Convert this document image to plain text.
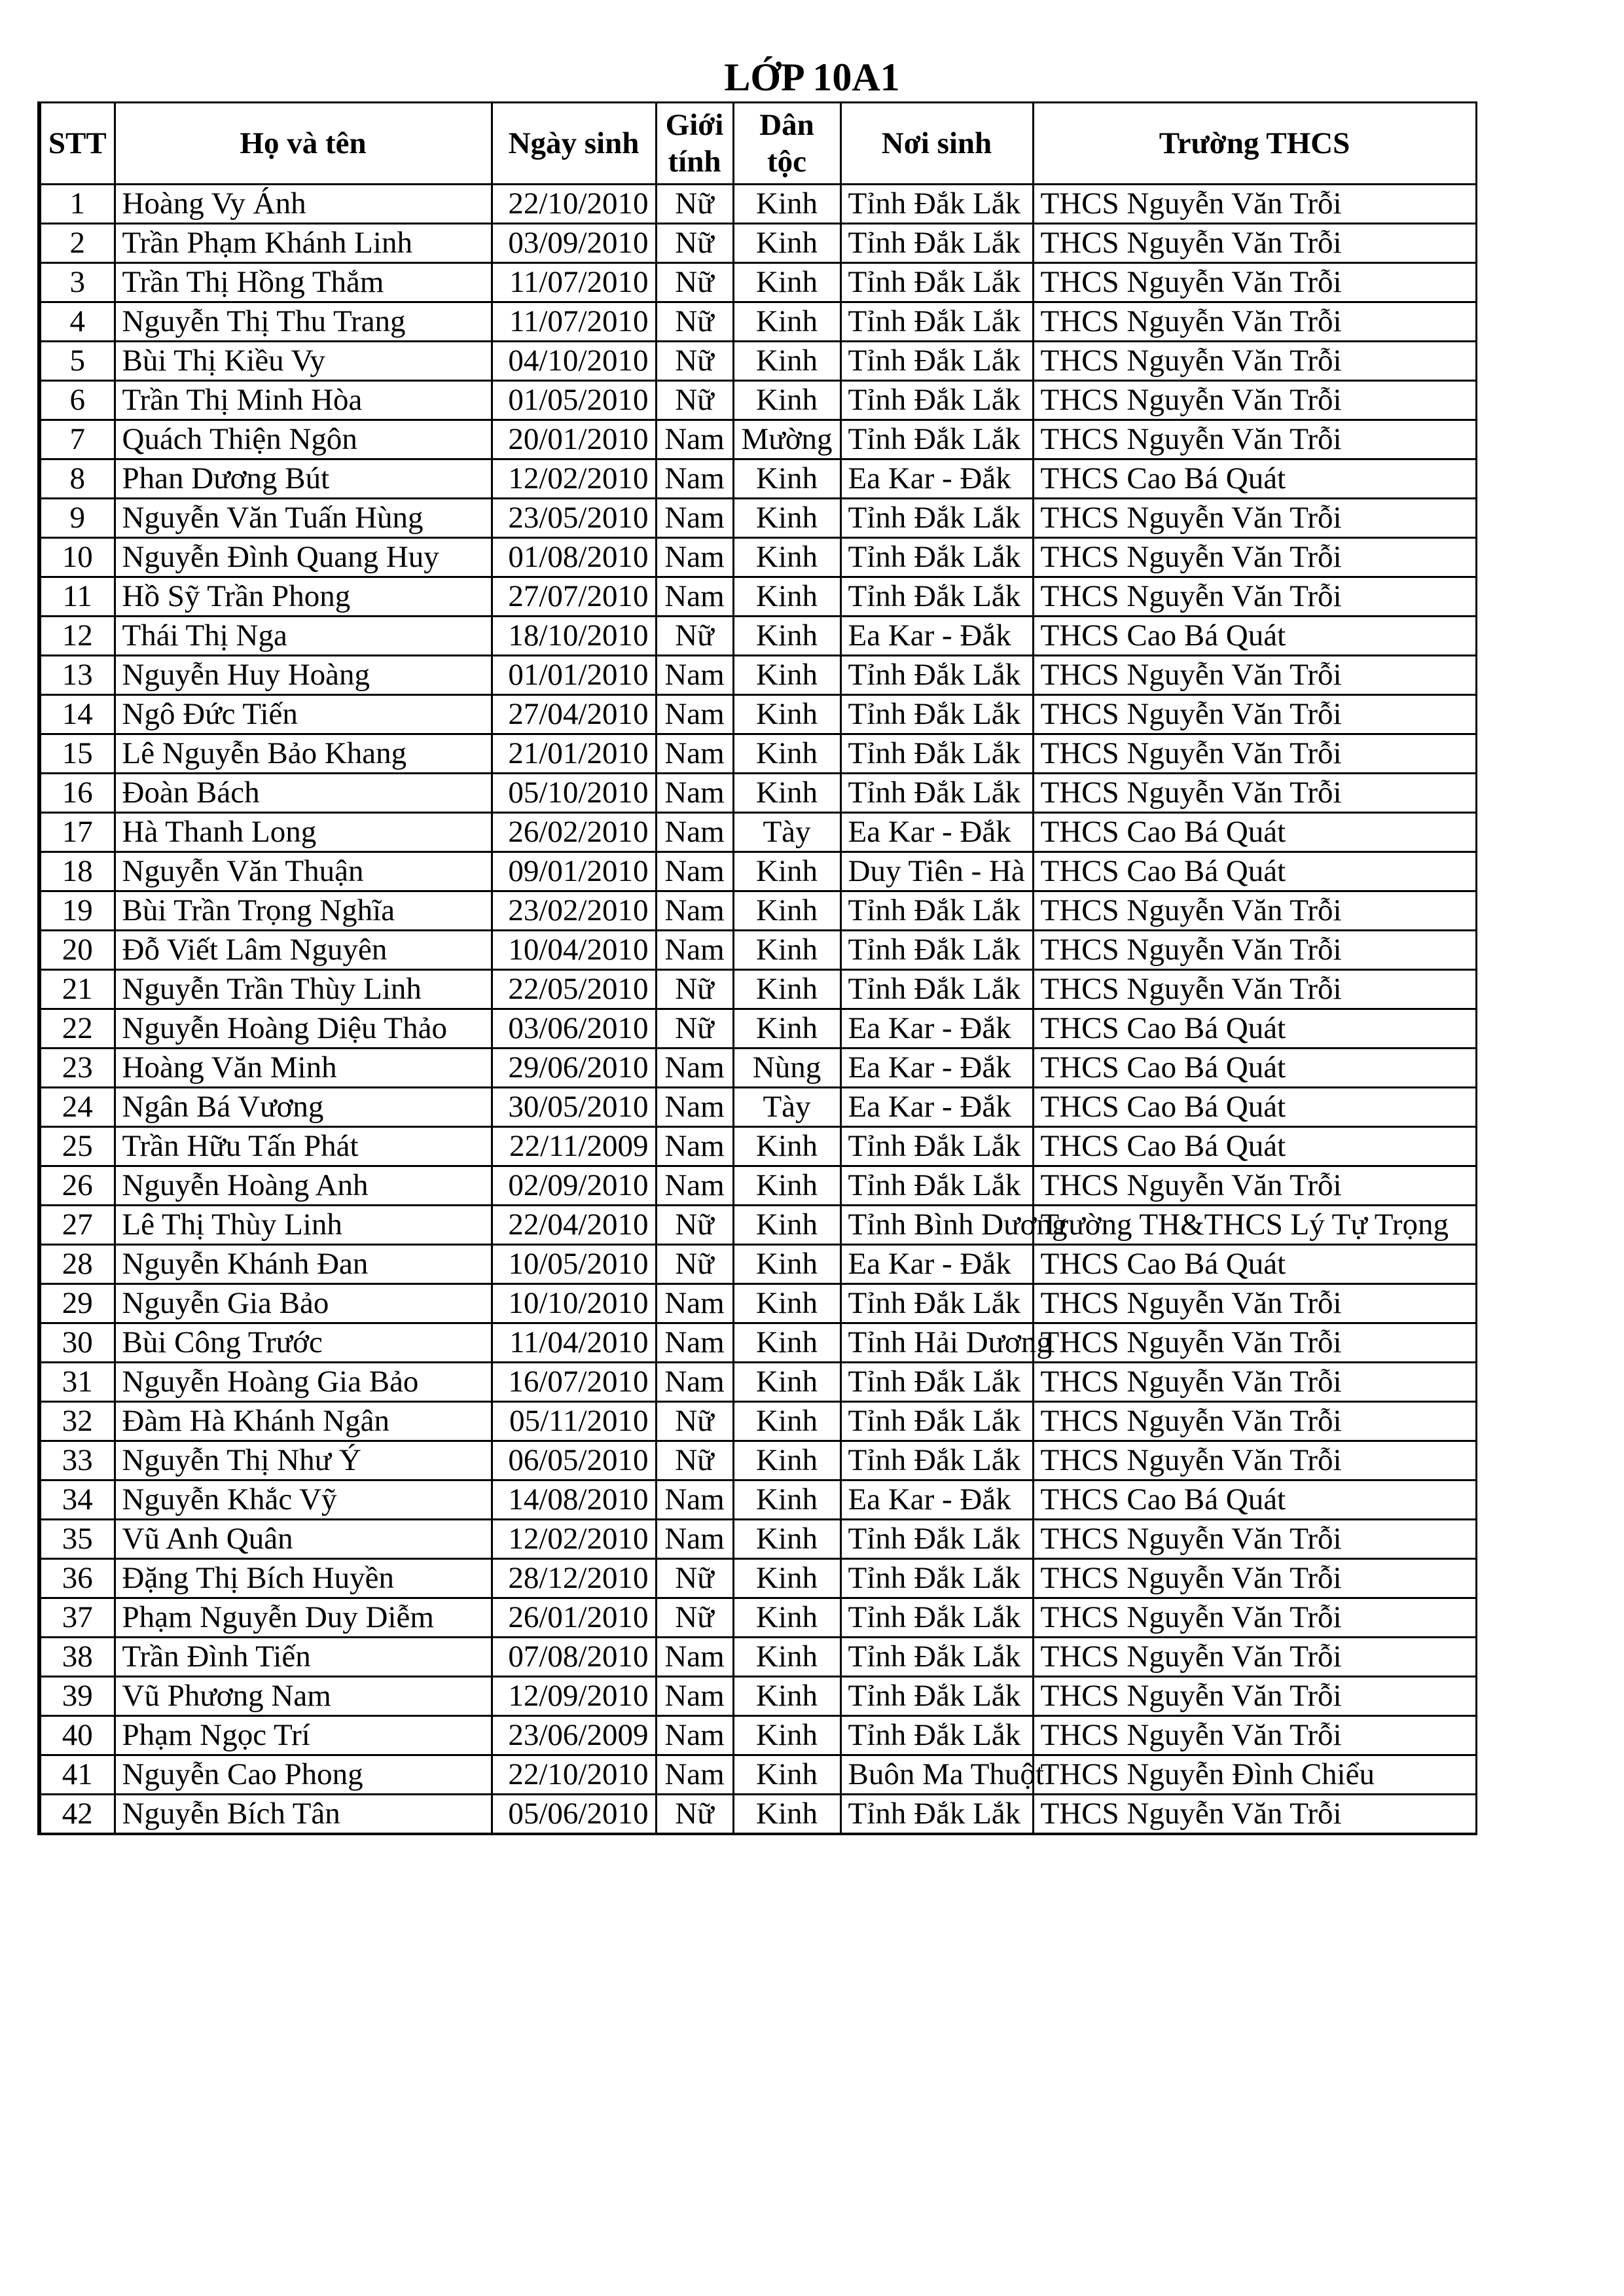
LỚP 10A1
STT	Họ và tên	Ngày sinh	Giới tính	Dân tộc	Nơi sinh	Trường THCS
1	Hoàng Vy Ánh	22/10/2010	Nữ	Kinh	Tỉnh Đắk Lắk	THCS Nguyễn Văn Trỗi
2	Trần Phạm Khánh Linh	03/09/2010	Nữ	Kinh	Tỉnh Đắk Lắk	THCS Nguyễn Văn Trỗi
3	Trần Thị Hồng Thắm	11/07/2010	Nữ	Kinh	Tỉnh Đắk Lắk	THCS Nguyễn Văn Trỗi
4	Nguyễn Thị Thu Trang	11/07/2010	Nữ	Kinh	Tỉnh Đắk Lắk	THCS Nguyễn Văn Trỗi
5	Bùi Thị Kiều Vy	04/10/2010	Nữ	Kinh	Tỉnh Đắk Lắk	THCS Nguyễn Văn Trỗi
6	Trần Thị Minh Hòa	01/05/2010	Nữ	Kinh	Tỉnh Đắk Lắk	THCS Nguyễn Văn Trỗi
7	Quách Thiện Ngôn	20/01/2010	Nam	Mường	Tỉnh Đắk Lắk	THCS Nguyễn Văn Trỗi
8	Phan Dương Bút	12/02/2010	Nam	Kinh	Ea Kar - Đắk	THCS Cao Bá Quát
9	Nguyễn Văn Tuấn Hùng	23/05/2010	Nam	Kinh	Tỉnh Đắk Lắk	THCS Nguyễn Văn Trỗi
10	Nguyễn Đình Quang Huy	01/08/2010	Nam	Kinh	Tỉnh Đắk Lắk	THCS Nguyễn Văn Trỗi
11	Hồ Sỹ Trần Phong	27/07/2010	Nam	Kinh	Tỉnh Đắk Lắk	THCS Nguyễn Văn Trỗi
12	Thái Thị Nga	18/10/2010	Nữ	Kinh	Ea Kar - Đắk	THCS Cao Bá Quát
13	Nguyễn Huy Hoàng	01/01/2010	Nam	Kinh	Tỉnh Đắk Lắk	THCS Nguyễn Văn Trỗi
14	Ngô Đức Tiến	27/04/2010	Nam	Kinh	Tỉnh Đắk Lắk	THCS Nguyễn Văn Trỗi
15	Lê Nguyễn Bảo Khang	21/01/2010	Nam	Kinh	Tỉnh Đắk Lắk	THCS Nguyễn Văn Trỗi
16	Đoàn Bách	05/10/2010	Nam	Kinh	Tỉnh Đắk Lắk	THCS Nguyễn Văn Trỗi
17	Hà Thanh Long	26/02/2010	Nam	Tày	Ea Kar - Đắk	THCS Cao Bá Quát
18	Nguyễn Văn Thuận	09/01/2010	Nam	Kinh	Duy Tiên - Hà	THCS Cao Bá Quát
19	Bùi Trần Trọng Nghĩa	23/02/2010	Nam	Kinh	Tỉnh Đắk Lắk	THCS Nguyễn Văn Trỗi
20	Đỗ Viết Lâm Nguyên	10/04/2010	Nam	Kinh	Tỉnh Đắk Lắk	THCS Nguyễn Văn Trỗi
21	Nguyễn Trần Thùy Linh	22/05/2010	Nữ	Kinh	Tỉnh Đắk Lắk	THCS Nguyễn Văn Trỗi
22	Nguyễn Hoàng Diệu Thảo	03/06/2010	Nữ	Kinh	Ea Kar - Đắk	THCS Cao Bá Quát
23	Hoàng Văn Minh	29/06/2010	Nam	Nùng	Ea Kar - Đắk	THCS Cao Bá Quát
24	Ngân Bá Vương	30/05/2010	Nam	Tày	Ea Kar - Đắk	THCS Cao Bá Quát
25	Trần Hữu Tấn Phát	22/11/2009	Nam	Kinh	Tỉnh Đắk Lắk	THCS Cao Bá Quát
26	Nguyễn Hoàng Anh	02/09/2010	Nam	Kinh	Tỉnh Đắk Lắk	THCS Nguyễn Văn Trỗi
27	Lê Thị Thùy Linh	22/04/2010	Nữ	Kinh	Tỉnh Bình Dương	Trường TH&THCS Lý Tự Trọng
28	Nguyễn Khánh Đan	10/05/2010	Nữ	Kinh	Ea Kar - Đắk	THCS Cao Bá Quát
29	Nguyễn Gia Bảo	10/10/2010	Nam	Kinh	Tỉnh Đắk Lắk	THCS Nguyễn Văn Trỗi
30	Bùi Công Trước	11/04/2010	Nam	Kinh	Tỉnh Hải Dương	THCS Nguyễn Văn Trỗi
31	Nguyễn Hoàng Gia Bảo	16/07/2010	Nam	Kinh	Tỉnh Đắk Lắk	THCS Nguyễn Văn Trỗi
32	Đàm Hà Khánh Ngân	05/11/2010	Nữ	Kinh	Tỉnh Đắk Lắk	THCS Nguyễn Văn Trỗi
33	Nguyễn Thị Như Ý	06/05/2010	Nữ	Kinh	Tỉnh Đắk Lắk	THCS Nguyễn Văn Trỗi
34	Nguyễn Khắc Vỹ	14/08/2010	Nam	Kinh	Ea Kar - Đắk	THCS Cao Bá Quát
35	Vũ Anh Quân	12/02/2010	Nam	Kinh	Tỉnh Đắk Lắk	THCS Nguyễn Văn Trỗi
36	Đặng Thị Bích Huyền	28/12/2010	Nữ	Kinh	Tỉnh Đắk Lắk	THCS Nguyễn Văn Trỗi
37	Phạm Nguyễn Duy Diễm	26/01/2010	Nữ	Kinh	Tỉnh Đắk Lắk	THCS Nguyễn Văn Trỗi
38	Trần Đình Tiến	07/08/2010	Nam	Kinh	Tỉnh Đắk Lắk	THCS Nguyễn Văn Trỗi
39	Vũ Phương Nam	12/09/2010	Nam	Kinh	Tỉnh Đắk Lắk	THCS Nguyễn Văn Trỗi
40	Phạm Ngọc Trí	23/06/2009	Nam	Kinh	Tỉnh Đắk Lắk	THCS Nguyễn Văn Trỗi
41	Nguyễn Cao Phong	22/10/2010	Nam	Kinh	Buôn Ma Thuột	THCS Nguyễn Đình Chiểu
42	Nguyễn Bích Tân	05/06/2010	Nữ	Kinh	Tỉnh Đắk Lắk	THCS Nguyễn Văn Trỗi
